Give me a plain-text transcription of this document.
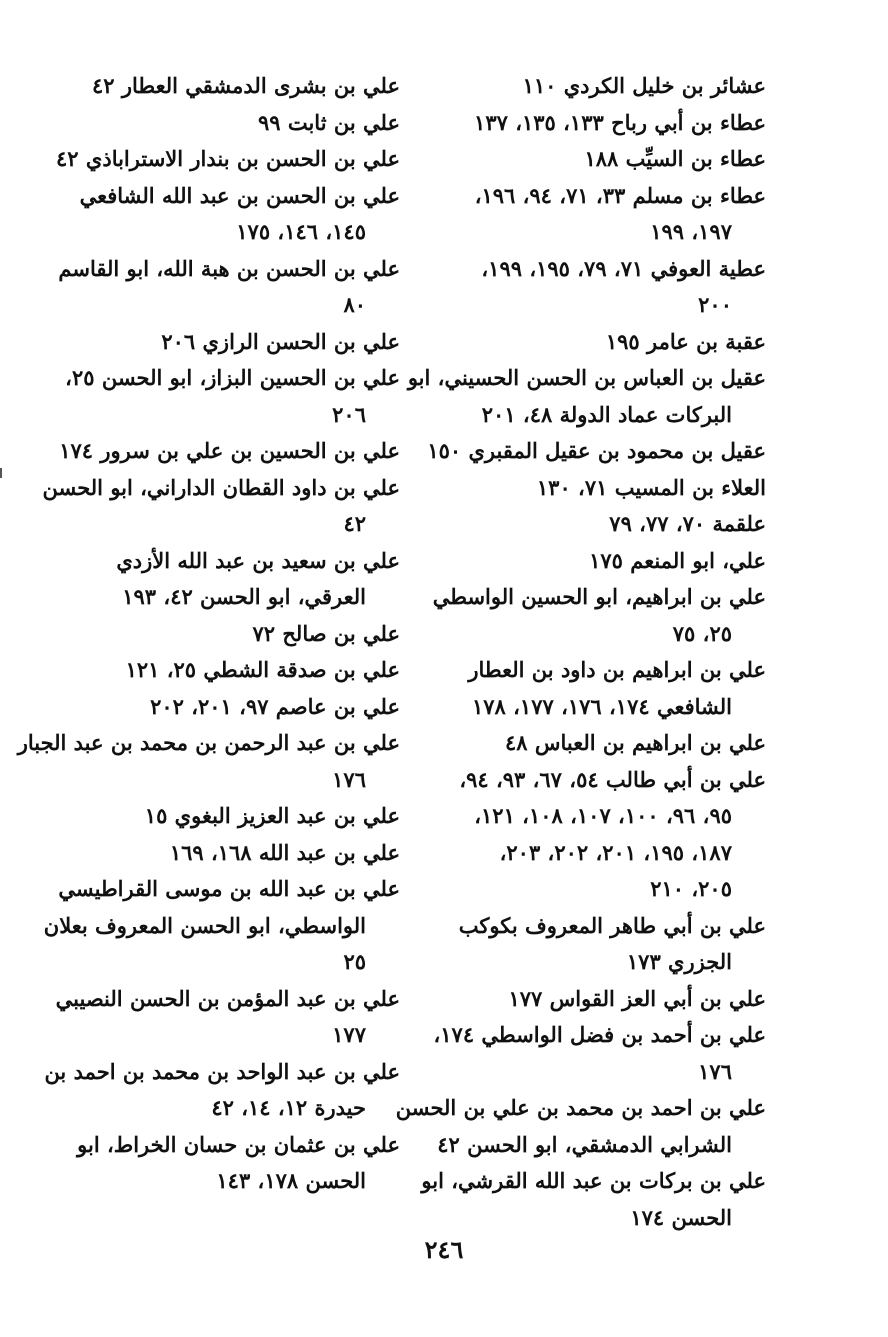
عشائر بن خليل الكردي ١١٠
عطاء بن أبي رباح ١٣٣، ١٣٥، ١٣٧
عطاء بن السيِّب ١٨٨
عطاء بن مسلم ٣٣، ٧١، ٩٤، ١٩٦،
١٩٧، ١٩٩
عطية العوفي ٧١، ٧٩، ١٩٥، ١٩٩،
٢٠٠
عقبة بن عامر ١٩٥
عقيل بن العباس بن الحسن الحسيني، ابو
البركات عماد الدولة ٤٨، ٢٠١
عقيل بن محمود بن عقيل المقبري ١٥٠
العلاء بن المسيب ٧١، ١٣٠
علقمة ٧٠، ٧٧، ٧٩
علي، ابو المنعم ١٧٥
علي بن ابراهيم، ابو الحسين الواسطي
٢٥، ٧٥
علي بن ابراهيم بن داود بن العطار
الشافعي ١٧٤، ١٧٦، ١٧٧، ١٧٨
علي بن ابراهيم بن العباس ٤٨
علي بن أبي طالب ٥٤، ٦٧، ٩٣، ٩٤،
٩٥، ٩٦، ١٠٠، ١٠٧، ١٠٨، ١٢١،
١٨٧، ١٩٥، ٢٠١، ٢٠٢، ٢٠٣،
٢٠٥، ٢١٠
علي بن أبي طاهر المعروف بكوكب
الجزري ١٧٣
علي بن أبي العز القواس ١٧٧
علي بن أحمد بن فضل الواسطي ١٧٤،
١٧٦
علي بن احمد بن محمد بن علي بن الحسن
الشرابي الدمشقي، ابو الحسن ٤٢
علي بن بركات بن عبد الله القرشي، ابو
الحسن ١٧٤
علي بن بشرى الدمشقي العطار ٤٢
علي بن ثابت ٩٩
علي بن الحسن بن بندار الاستراباذي ٤٢
علي بن الحسن بن عبد الله الشافعي
١٤٥، ١٤٦، ١٧٥
علي بن الحسن بن هبة الله، ابو القاسم
٨٠
علي بن الحسن الرازي ٢٠٦
علي بن الحسين البزاز، ابو الحسن ٢٥،
٢٠٦
علي بن الحسين بن علي بن سرور ١٧٤
علي بن داود القطان الداراني، ابو الحسن
٤٢
علي بن سعيد بن عبد الله الأزدي
العرقي، ابو الحسن ٤٢، ١٩٣
علي بن صالح ٧٢
علي بن صدقة الشطي ٢٥، ١٢١
علي بن عاصم ٩٧، ٢٠١، ٢٠٢
علي بن عبد الرحمن بن محمد بن عبد الجبار
١٧٦
علي بن عبد العزيز البغوي ١٥
علي بن عبد الله ١٦٨، ١٦٩
علي بن عبد الله بن موسى القراطيسي
الواسطي، ابو الحسن المعروف بعلان
٢٥
علي بن عبد المؤمن بن الحسن النصيبي
١٧٧
علي بن عبد الواحد بن محمد بن احمد بن
حيدرة ١٢، ١٤، ٤٢
علي بن عثمان بن حسان الخراط، ابو
الحسن ١٧٨، ١٤٣
٢٤٦
